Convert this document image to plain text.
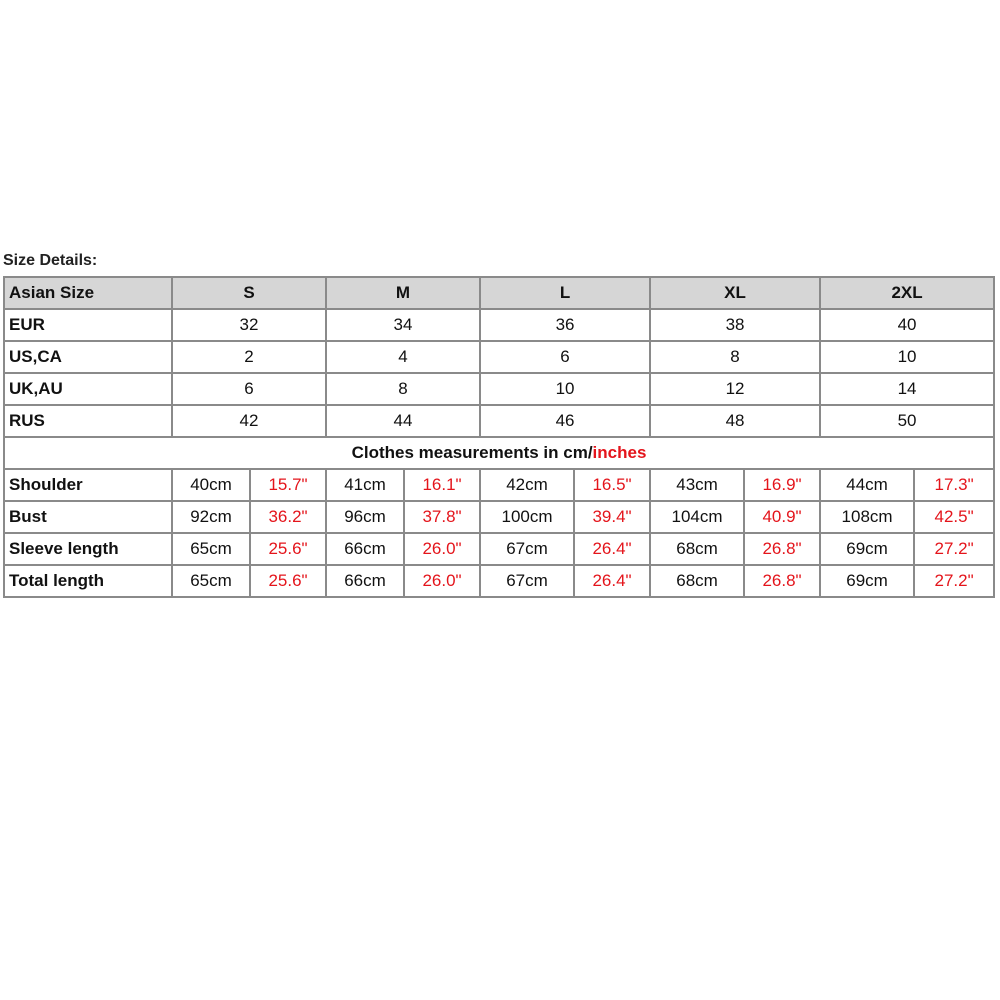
Size Details:
Asian Size	S		M		L		XL		2XL	
EUR	32		34		36		38		40	
US,CA	2		4		6		8		10	
UK,AU	6		8		10		12		14	
RUS	42		44		46		48		50	
Clothes measurements in cm/inches										
Shoulder	40cm	15.7"	41cm	16.1"	42cm	16.5"	43cm	16.9"	44cm	17.3"
Bust	92cm	36.2"	96cm	37.8"	100cm	39.4"	104cm	40.9"	108cm	42.5"
Sleeve length	65cm	25.6"	66cm	26.0"	67cm	26.4"	68cm	26.8"	69cm	27.2"
Total length	65cm	25.6"	66cm	26.0"	67cm	26.4"	68cm	26.8"	69cm	27.2"
